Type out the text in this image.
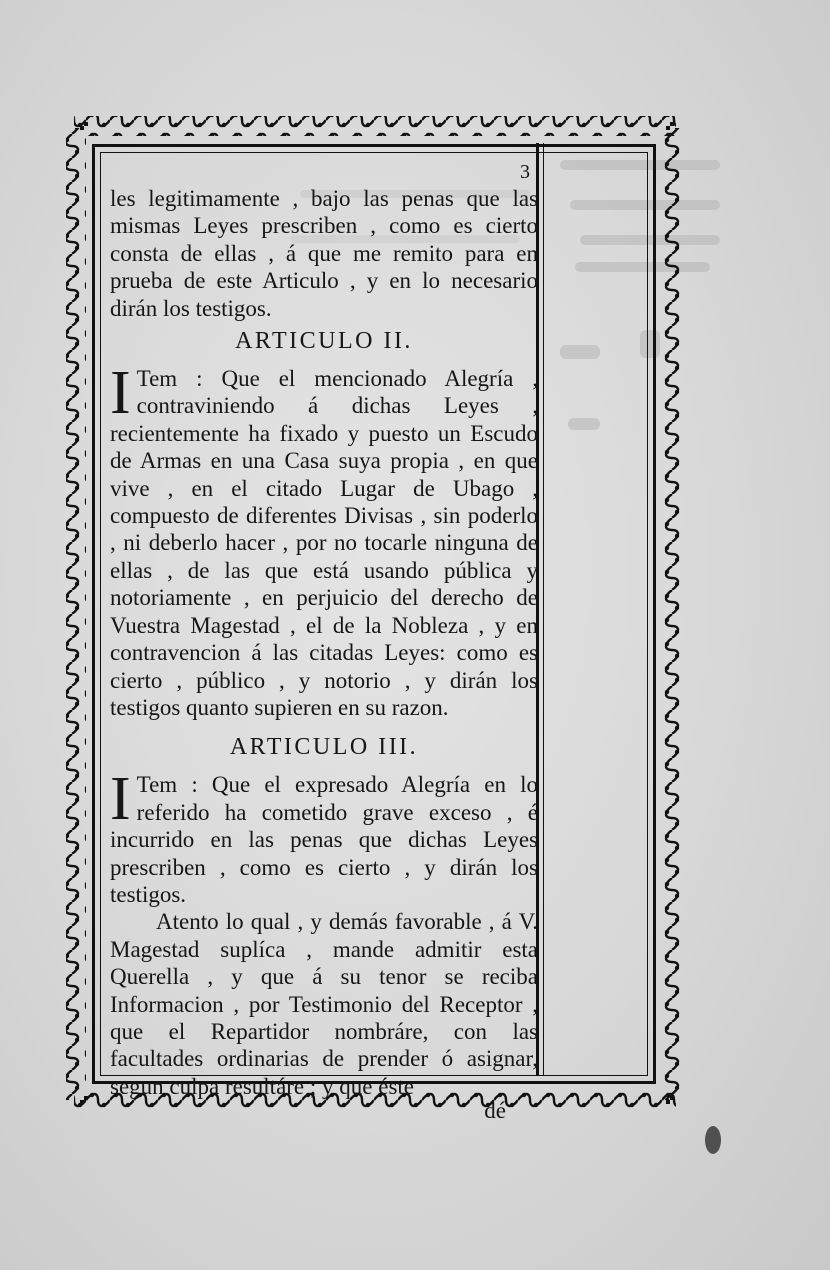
3

les legitimamente , bajo las penas que las mismas Leyes prescriben , como es cierto consta de ellas , á que me remito para en prueba de este Articulo , y en lo necesario dirán los testigos.

ARTICULO II.
I Tem : Que el mencionado Alegría , contraviniendo á dichas Leyes , recientemente ha fixado y puesto un Escudo de Armas en una Casa suya propia , en que vive , en el citado Lugar de Ubago , compuesto de diferentes Divisas , sin poderlo , ni deberlo hacer , por no tocarle ninguna de ellas , de las que está usando pública y notoriamente , en perjuicio del derecho de Vuestra Magestad , el de la Nobleza , y en contravencion á las citadas Leyes: como es cierto , público , y notorio , y dirán los testigos quanto supieren en su razon.

ARTICULO III.
I Tem : Que el expresado Alegría en lo referido ha cometido grave exceso , é incurrido en las penas que dichas Leyes prescriben , como es cierto , y dirán los testigos.

Atento lo qual , y demás favorable , á V. Magestad suplíca , mande admitir esta Querella , y que á su tenor se reciba Informacion , por Testimonio del Receptor , que el Repartidor nombráre, con las facultades ordinarias de prender ó asignar, segun culpa resultáre ; y que éste

dé
